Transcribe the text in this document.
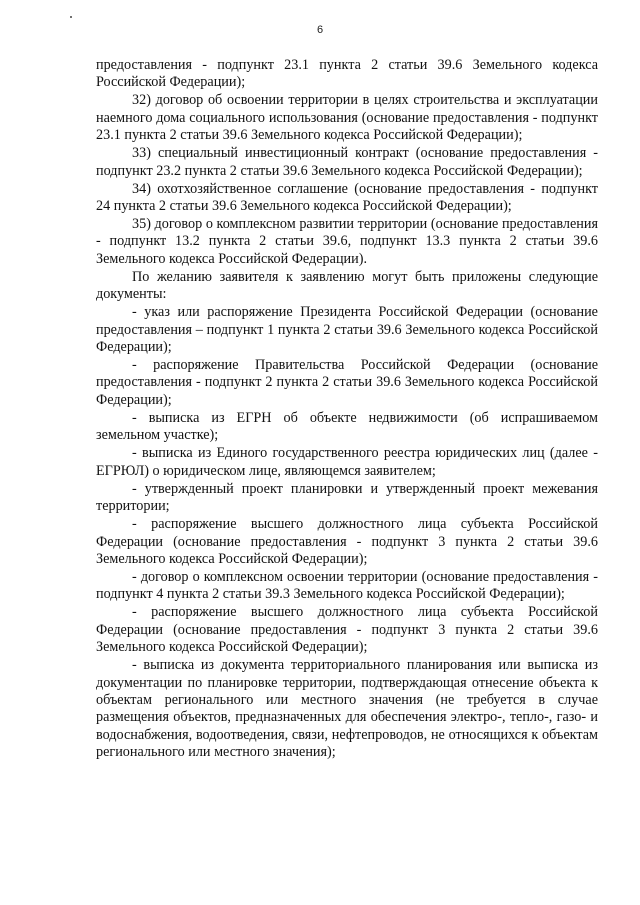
6

предоставления - подпункт 23.1 пункта 2 статьи 39.6 Земельного кодекса Российской Федерации);

32) договор об освоении территории в целях строительства и эксплуатации наемного дома социального использования (основание предоставления - подпункт 23.1 пункта 2 статьи 39.6 Земельного кодекса Российской Федерации);

33) специальный инвестиционный контракт (основание предоставления - подпункт 23.2 пункта 2 статьи 39.6 Земельного кодекса Российской Федерации);

34) охотхозяйственное соглашение (основание предоставления - подпункт 24 пункта 2 статьи 39.6 Земельного кодекса Российской Федерации);

35) договор о комплексном развитии территории (основание предоставления - подпункт 13.2 пункта 2 статьи 39.6, подпункт 13.3 пункта 2 статьи 39.6 Земельного кодекса Российской Федерации).

По желанию заявителя к заявлению могут быть приложены следующие документы:

- указ или распоряжение Президента Российской Федерации (основание предоставления – подпункт 1 пункта 2 статьи 39.6 Земельного кодекса Российской Федерации);

- распоряжение Правительства Российской Федерации (основание предоставления - подпункт 2 пункта 2 статьи 39.6 Земельного кодекса Российской Федерации);

- выписка из ЕГРН об объекте недвижимости (об испрашиваемом земельном участке);

- выписка из Единого государственного реестра юридических лиц (далее - ЕГРЮЛ) о юридическом лице, являющемся заявителем;

- утвержденный проект планировки и утвержденный проект межевания территории;

- распоряжение высшего должностного лица субъекта Российской Федерации (основание предоставления - подпункт 3 пункта 2 статьи 39.6 Земельного кодекса Российской Федерации);

- договор о комплексном освоении территории (основание предоставления - подпункт 4 пункта 2 статьи 39.3 Земельного кодекса Российской Федерации);

- распоряжение высшего должностного лица субъекта Российской Федерации (основание предоставления - подпункт 3 пункта 2 статьи 39.6 Земельного кодекса Российской Федерации);

- выписка из документа территориального планирования или выписка из документации по планировке территории, подтверждающая отнесение объекта к объектам регионального или местного значения (не требуется в случае размещения объектов, предназначенных для обеспечения электро-, тепло-, газо- и водоснабжения, водоотведения, связи, нефтепроводов, не относящихся к объектам регионального или местного значения);
